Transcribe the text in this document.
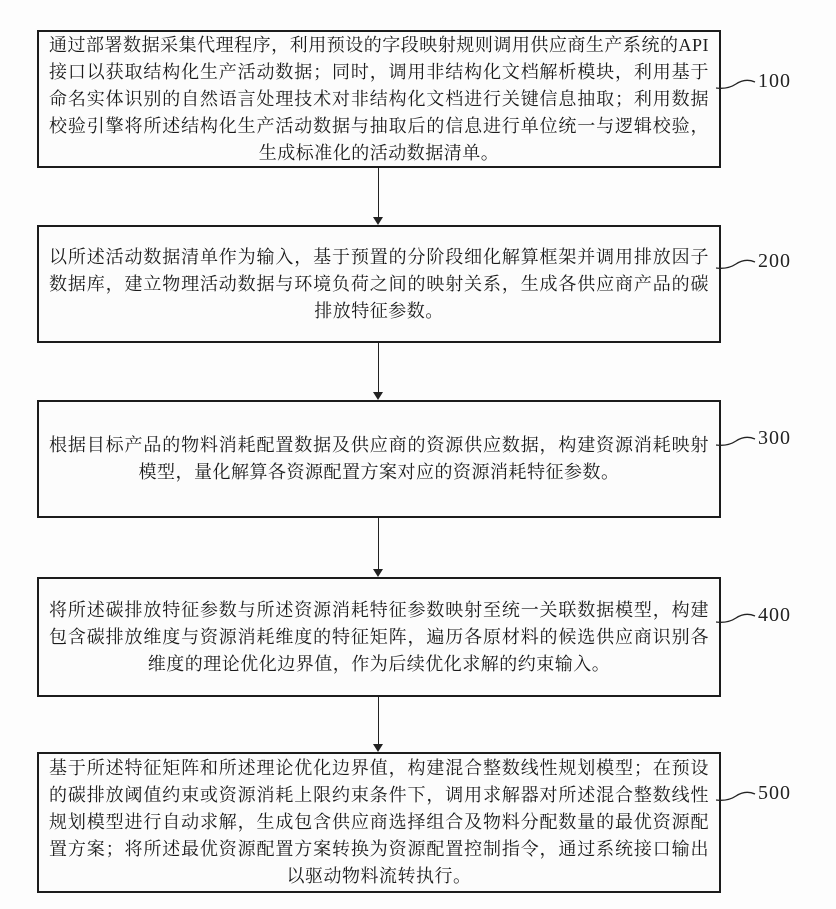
通过部署数据采集代理程序，利用预设的字段映射规则调用供应商生产系统的API接口以获取结构化生产活动数据；同时，调用非结构化文档解析模块，利用基于命名实体识别的自然语言处理技术对非结构化文档进行关键信息抽取；利用数据校验引擎将所述结构化生产活动数据与抽取后的信息进行单位统一与逻辑校验，生成标准化的活动数据清单。
100
以所述活动数据清单作为输入，基于预置的分阶段细化解算框架并调用排放因子数据库，建立物理活动数据与环境负荷之间的映射关系，生成各供应商产品的碳排放特征参数。
200
根据目标产品的物料消耗配置数据及供应商的资源供应数据，构建资源消耗映射模型，量化解算各资源配置方案对应的资源消耗特征参数。
300
将所述碳排放特征参数与所述资源消耗特征参数映射至统一关联数据模型，构建包含碳排放维度与资源消耗维度的特征矩阵，遍历各原材料的候选供应商识别各维度的理论优化边界值，作为后续优化求解的约束输入。
400
基于所述特征矩阵和所述理论优化边界值，构建混合整数线性规划模型；在预设的碳排放阈值约束或资源消耗上限约束条件下，调用求解器对所述混合整数线性规划模型进行自动求解，生成包含供应商选择组合及物料分配数量的最优资源配置方案；将所述最优资源配置方案转换为资源配置控制指令，通过系统接口输出以驱动物料流转执行。
500
